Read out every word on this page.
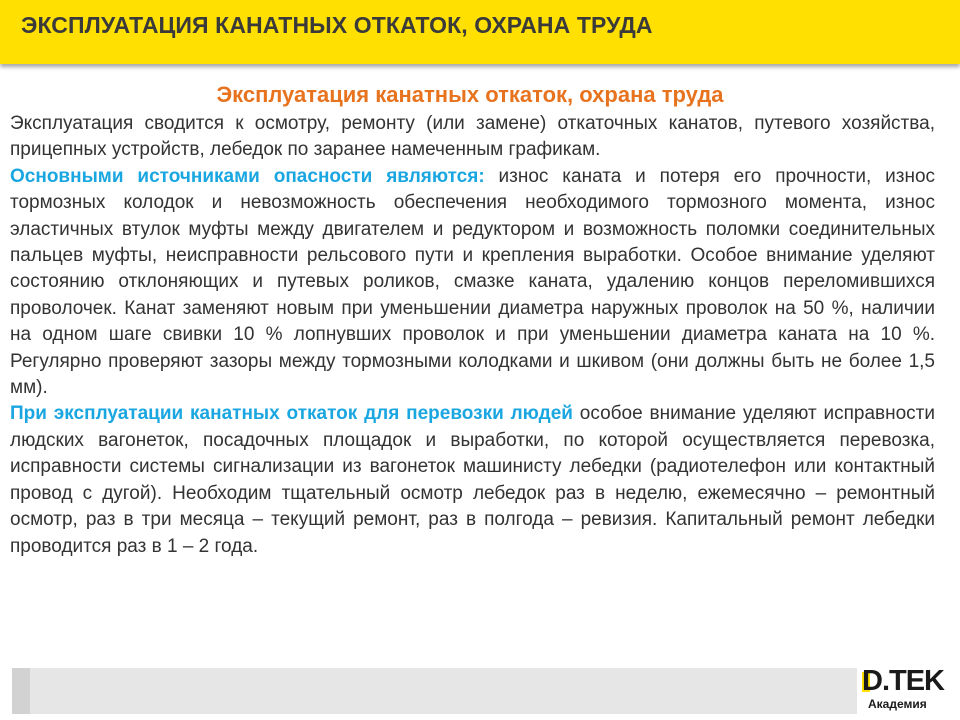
ЭКСПЛУАТАЦИЯ КАНАТНЫХ ОТКАТОК, ОХРАНА ТРУДА
Эксплуатация канатных откаток, охрана труда

Эксплуатация сводится к осмотру, ремонту (или замене) откаточных канатов, путевого хозяйства, прицепных устройств, лебедок по заранее намеченным графикам.

Основными источниками опасности являются: износ каната и потеря его прочности, износ тормозных колодок и невозможность обеспечения необходимого тормозного момента, износ эластичных втулок муфты между двигателем и редуктором и возможность поломки соединительных пальцев муфты, неисправности рельсового пути и крепления выработки. Особое внимание уделяют состоянию отклоняющих и путевых роликов, смазке каната, удалению концов переломившихся проволочек. Канат заменяют новым при уменьшении диаметра наружных проволок на 50 %, наличии на одном шаге свивки 10 % лопнувших проволок и при уменьшении диаметра каната на 10 %. Регулярно проверяют зазоры между тормозными колодками и шкивом (они должны быть не более 1,5 мм).

При эксплуатации канатных откаток для перевозки людей особое внимание уделяют исправности людских вагонеток, посадочных площадок и выработки, по которой осуществляется перевозка, исправности системы сигнализации из вагонеток машинисту лебедки (радиотелефон или контактный провод с дугой). Необходим тщательный осмотр лебедок раз в неделю, ежемесячно – ремонтный осмотр, раз в три месяца – текущий ремонт, раз в полгода – ревизия. Капитальный ремонт лебедки проводится раз в 1 – 2 года.

D.TEK
Академия
